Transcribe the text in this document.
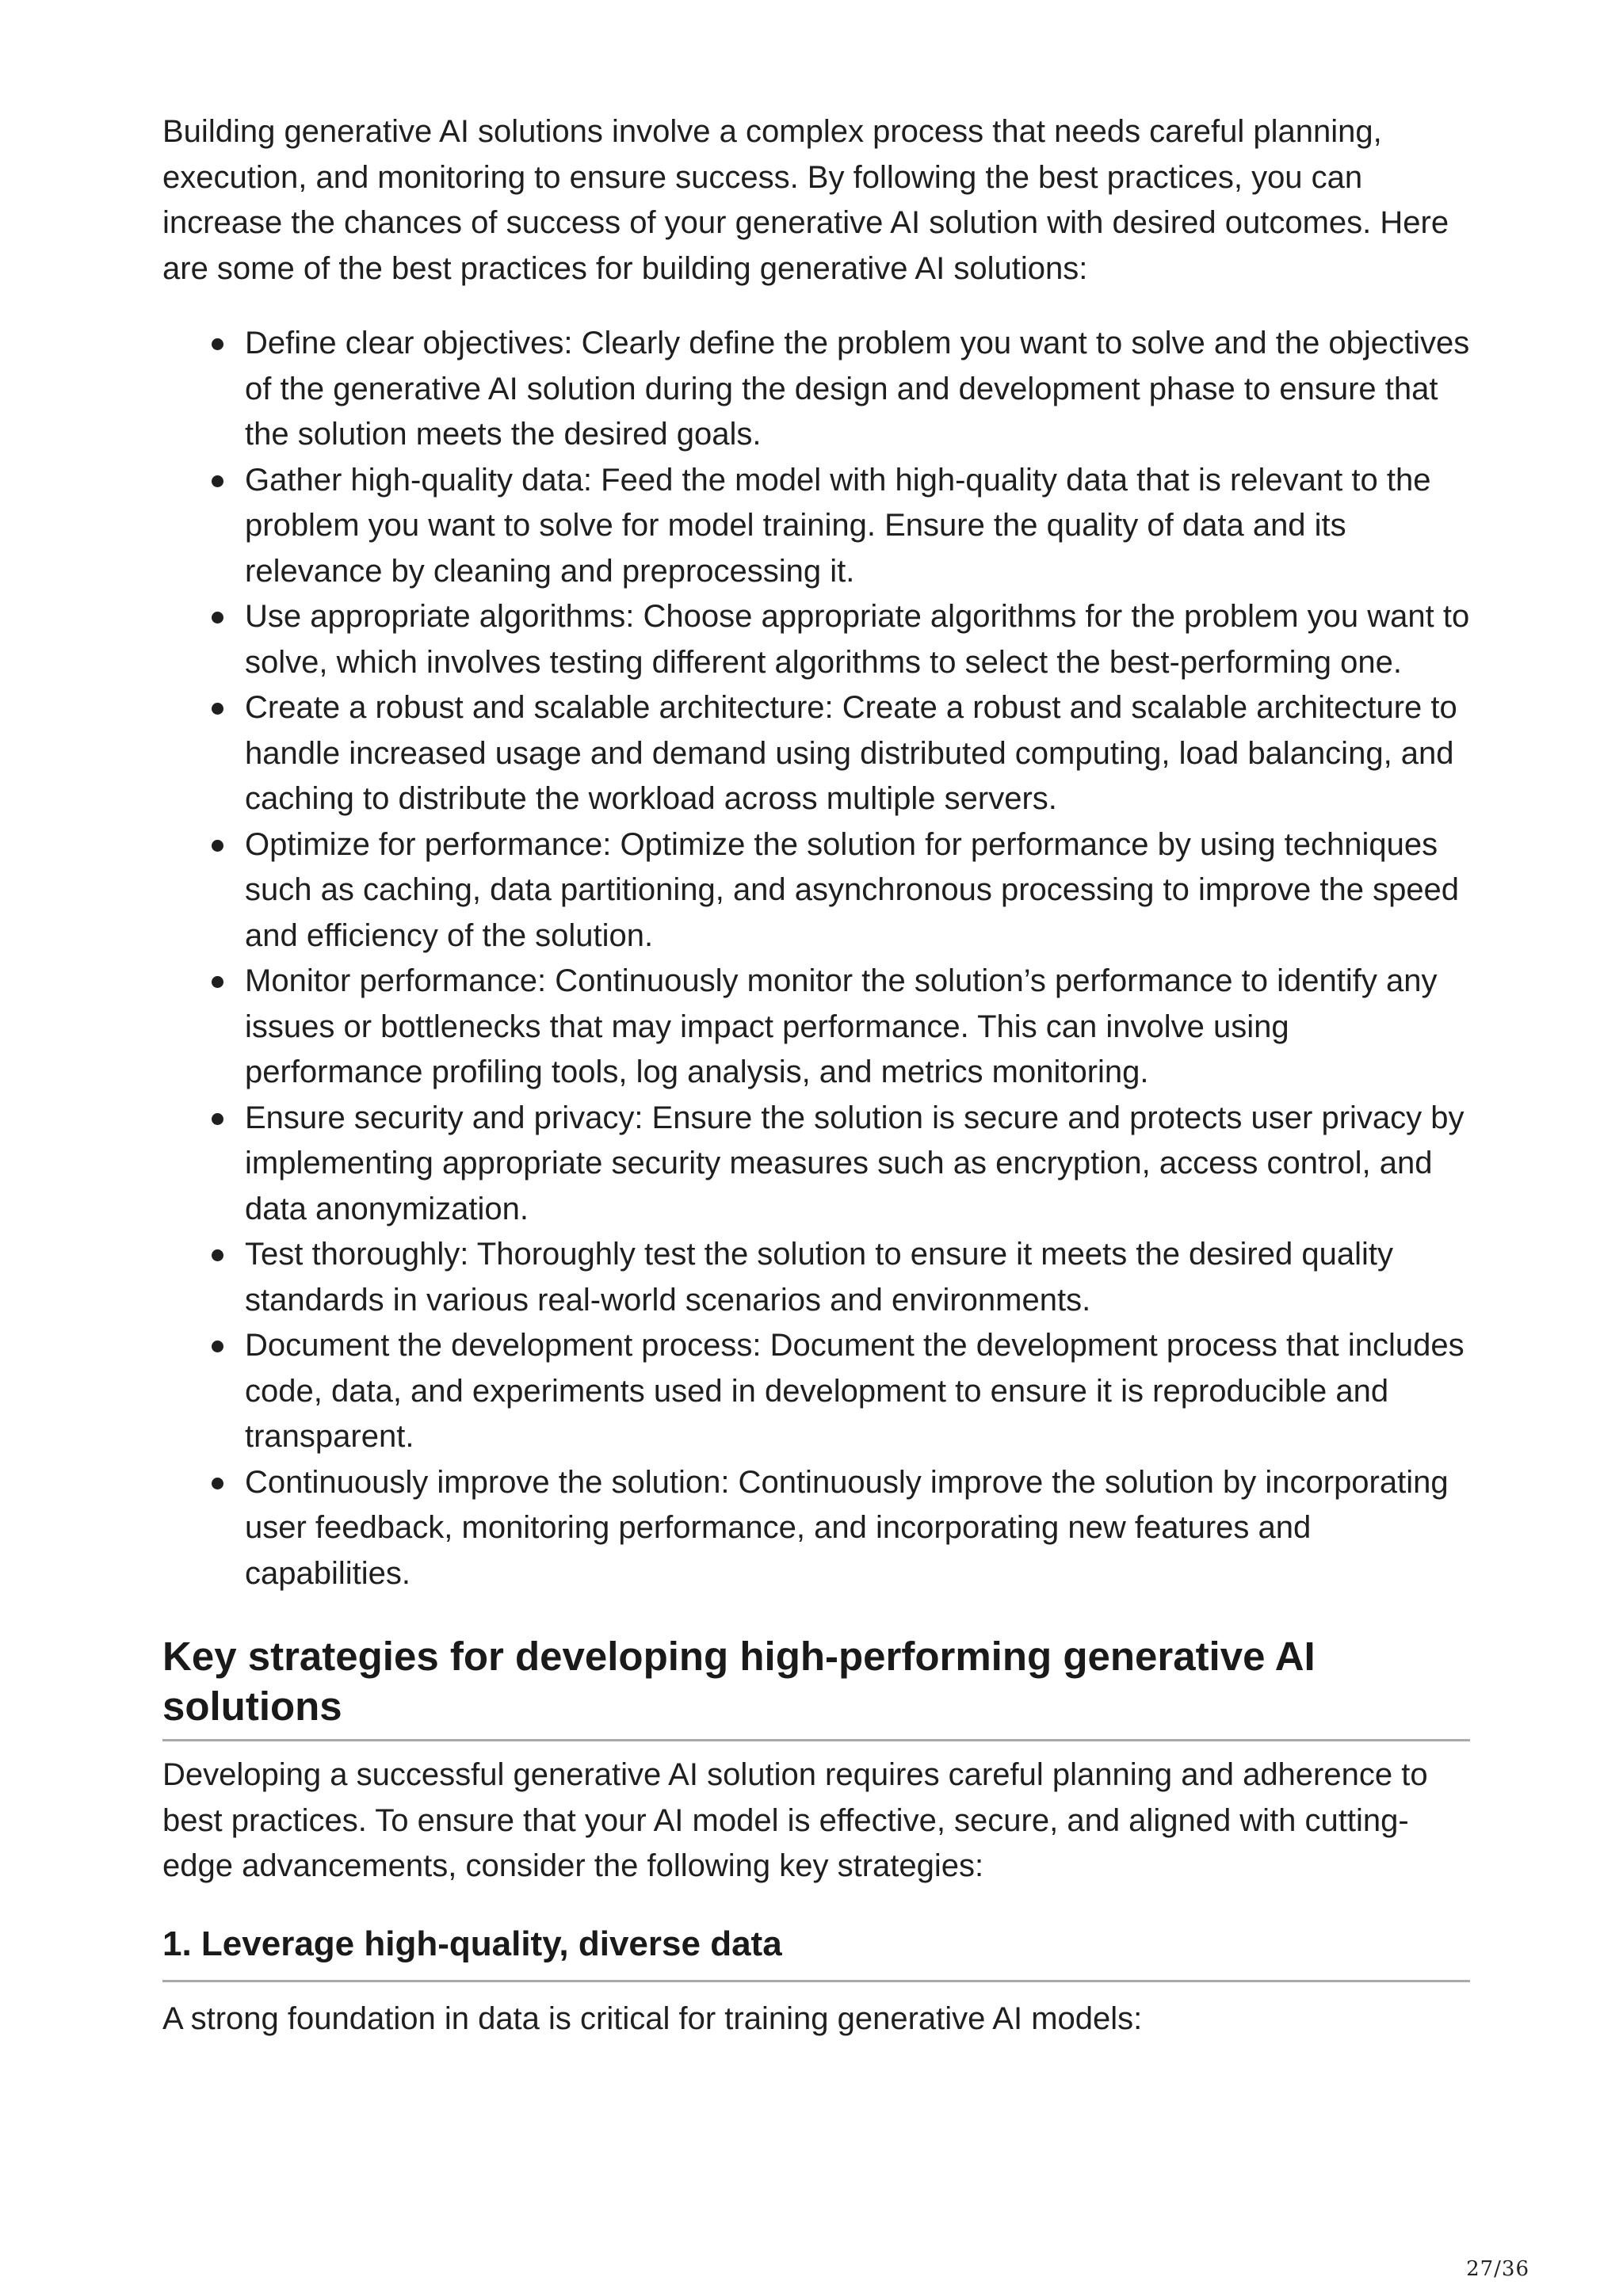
Building generative AI solutions involve a complex process that needs careful planning, execution, and monitoring to ensure success. By following the best practices, you can increase the chances of success of your generative AI solution with desired outcomes. Here are some of the best practices for building generative AI solutions:

Define clear objectives: Clearly define the problem you want to solve and the objectives of the generative AI solution during the design and development phase to ensure that the solution meets the desired goals.
Gather high-quality data: Feed the model with high-quality data that is relevant to the problem you want to solve for model training. Ensure the quality of data and its relevance by cleaning and preprocessing it.
Use appropriate algorithms: Choose appropriate algorithms for the problem you want to solve, which involves testing different algorithms to select the best-performing one.
Create a robust and scalable architecture: Create a robust and scalable architecture to handle increased usage and demand using distributed computing, load balancing, and caching to distribute the workload across multiple servers.
Optimize for performance: Optimize the solution for performance by using techniques such as caching, data partitioning, and asynchronous processing to improve the speed and efficiency of the solution.
Monitor performance: Continuously monitor the solution’s performance to identify any issues or bottlenecks that may impact performance. This can involve using performance profiling tools, log analysis, and metrics monitoring.
Ensure security and privacy: Ensure the solution is secure and protects user privacy by implementing appropriate security measures such as encryption, access control, and data anonymization.
Test thoroughly: Thoroughly test the solution to ensure it meets the desired quality standards in various real-world scenarios and environments.
Document the development process: Document the development process that includes code, data, and experiments used in development to ensure it is reproducible and transparent.
Continuously improve the solution: Continuously improve the solution by incorporating user feedback, monitoring performance, and incorporating new features and capabilities.
Key strategies for developing high-performing generative AI solutions

Developing a successful generative AI solution requires careful planning and adherence to best practices. To ensure that your AI model is effective, secure, and aligned with cutting-edge advancements, consider the following key strategies:

1. Leverage high-quality, diverse data

A strong foundation in data is critical for training generative AI models:

27/36
